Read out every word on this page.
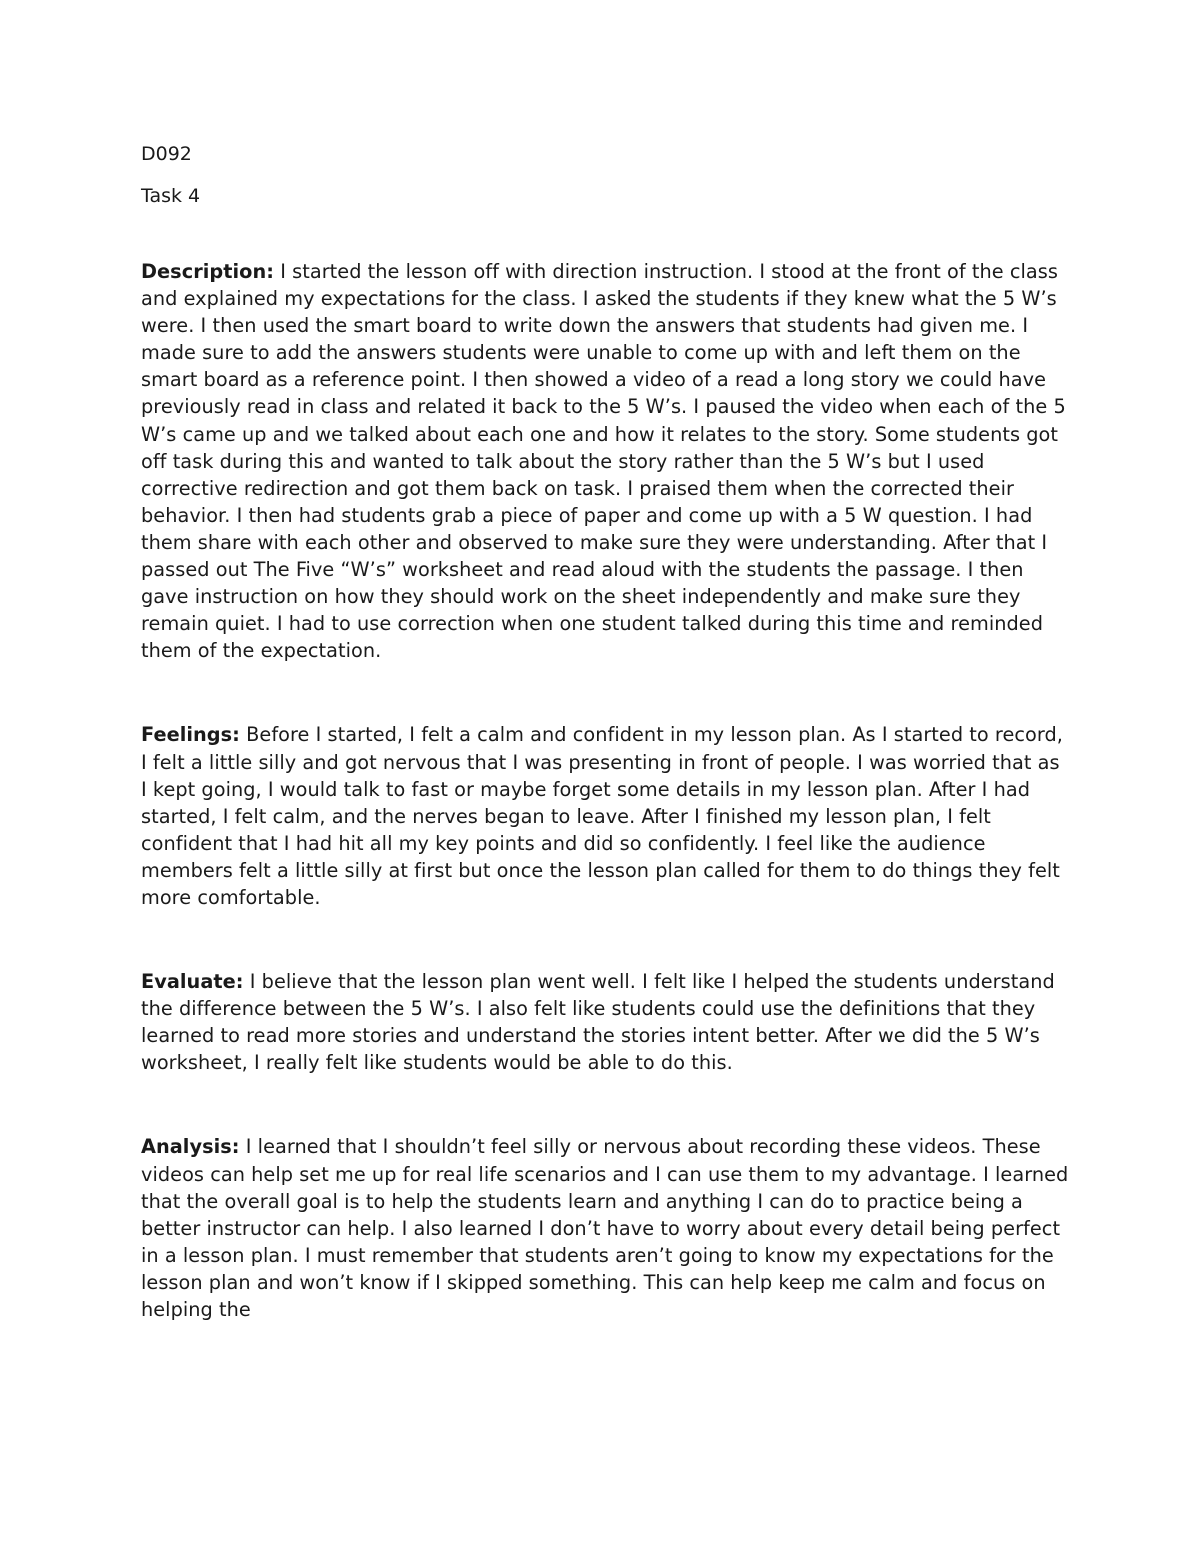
D092

Task 4

Description: I started the lesson off with direction instruction. I stood at the front of the class and explained my expectations for the class. I asked the students if they knew what the 5 W’s were. I then used the smart board to write down the answers that students had given me. I made sure to add the answers students were unable to come up with and left them on the smart board as a reference point. I then showed a video of a read a long story we could have previously read in class and related it back to the 5 W’s. I paused the video when each of the 5 W’s came up and we talked about each one and how it relates to the story. Some students got off task during this and wanted to talk about the story rather than the 5 W’s but I used corrective redirection and got them back on task. I praised them when the corrected their behavior. I then had students grab a piece of paper and come up with a 5 W question. I had them share with each other and observed to make sure they were understanding. After that I passed out The Five “W’s” worksheet and read aloud with the students the passage. I then gave instruction on how they should work on the sheet independently and make sure they remain quiet. I had to use correction when one student talked during this time and reminded them of the expectation.

Feelings: Before I started, I felt a calm and confident in my lesson plan. As I started to record, I felt a little silly and got nervous that I was presenting in front of people. I was worried that as I kept going, I would talk to fast or maybe forget some details in my lesson plan. After I had started, I felt calm, and the nerves began to leave. After I finished my lesson plan, I felt confident that I had hit all my key points and did so confidently. I feel like the audience members felt a little silly at first but once the lesson plan called for them to do things they felt more comfortable.

Evaluate: I believe that the lesson plan went well. I felt like I helped the students understand the difference between the 5 W’s. I also felt like students could use the definitions that they learned to read more stories and understand the stories intent better. After we did the 5 W’s worksheet, I really felt like students would be able to do this.

Analysis: I learned that I shouldn’t feel silly or nervous about recording these videos. These videos can help set me up for real life scenarios and I can use them to my advantage. I learned that the overall goal is to help the students learn and anything I can do to practice being a better instructor can help. I also learned I don’t have to worry about every detail being perfect in a lesson plan. I must remember that students aren’t going to know my expectations for the lesson plan and won’t know if I skipped something. This can help keep me calm and focus on helping the
